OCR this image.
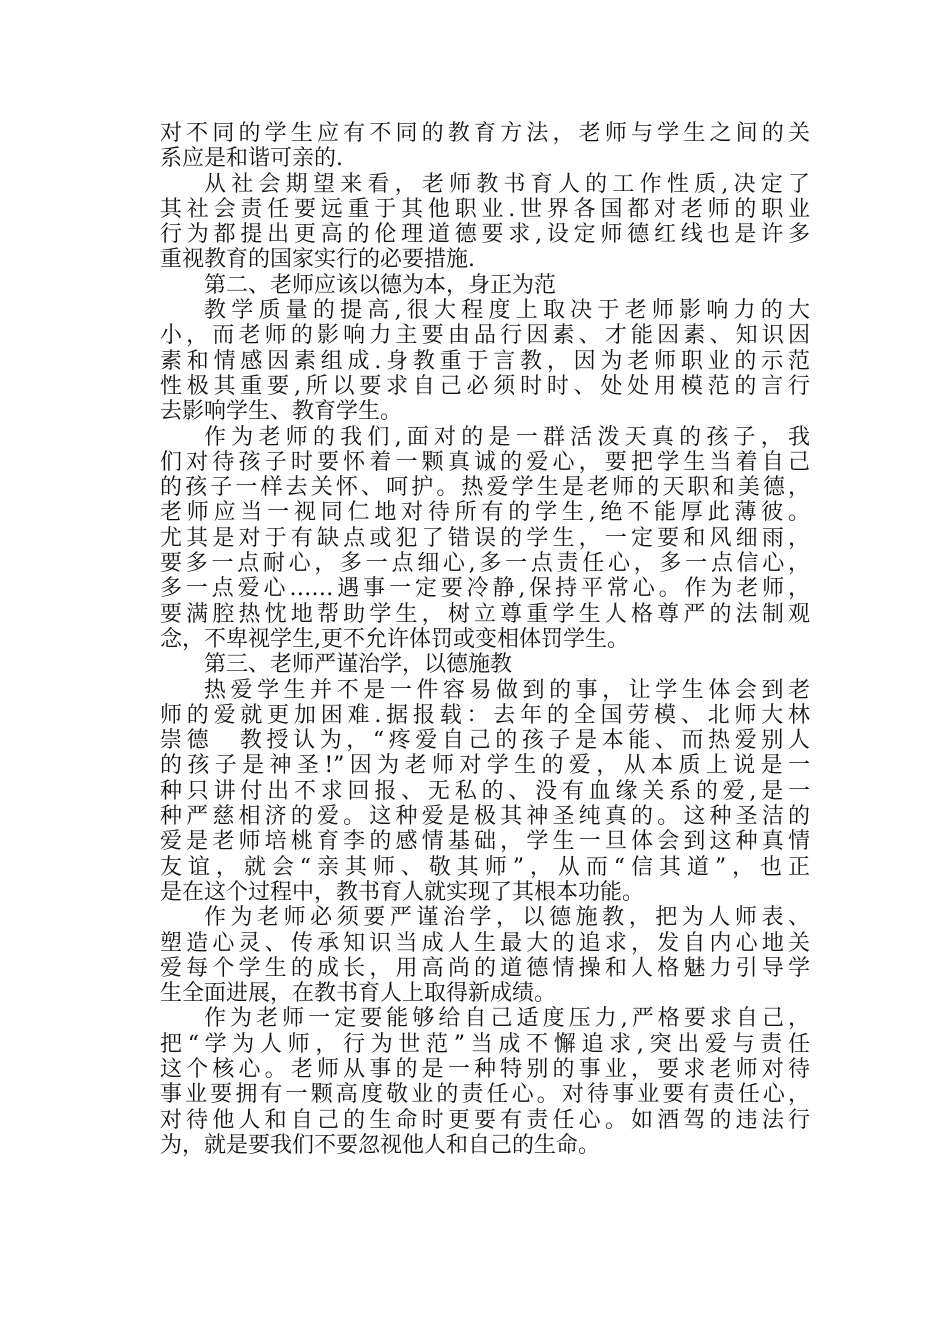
对不同的学生应有不同的教育方法，老师与学生之间的关
系应是和谐可亲的.
从社会期望来看，老师教书育人的工作性质,决定了
其社会责任要远重于其他职业.世界各国都对老师的职业
行为都提出更高的伦理道德要求,设定师德红线也是许多
重视教育的国家实行的必要措施.
第二、老师应该以德为本，身正为范
教学质量的提高,很大程度上取决于老师影响力的大
小，而老师的影响力主要由品行因素、才能因素、知识因
素和情感因素组成.身教重于言教，因为老师职业的示范
性极其重要,所以要求自己必须时时、处处用模范的言行
去影响学生、教育学生。
作为老师的我们,面对的是一群活泼天真的孩子，我
们对待孩子时要怀着一颗真诚的爱心，要把学生当着自己
的孩子一样去关怀、呵护。热爱学生是老师的天职和美德，
老师应当一视同仁地对待所有的学生,绝不能厚此薄彼。
尤其是对于有缺点或犯了错误的学生，一定要和风细雨，
要多一点耐心，多一点细心,多一点责任心，多一点信心，
多一点爱心……遇事一定要冷静,保持平常心。作为老师，
要满腔热忱地帮助学生，树立尊重学生人格尊严的法制观
念，不卑视学生,更不允许体罚或变相体罚学生。
第三、老师严谨治学，以德施教
热爱学生并不是一件容易做到的事，让学生体会到老
师的爱就更加困难.据报载：去年的全国劳模、北师大林
崇德　教授认为，“疼爱自己的孩子是本能、而热爱别人
的孩子是神圣!”因为老师对学生的爱，从本质上说是一
种只讲付出不求回报、无私的、没有血缘关系的爱,是一
种严慈相济的爱。这种爱是极其神圣纯真的。这种圣洁的
爱是老师培桃育李的感情基础，学生一旦体会到这种真情
友谊，就会“亲其师、敬其师”，从而“信其道”，也正
是在这个过程中，教书育人就实现了其根本功能。
作为老师必须要严谨治学，以德施教，把为人师表、
塑造心灵、传承知识当成人生最大的追求，发自内心地关
爱每个学生的成长，用高尚的道德情操和人格魅力引导学
生全面进展，在教书育人上取得新成绩。
作为老师一定要能够给自己适度压力,严格要求自己，
把“学为人师，行为世范”当成不懈追求,突出爱与责任
这个核心。老师从事的是一种特别的事业，要求老师对待
事业要拥有一颗高度敬业的责任心。对待事业要有责任心，
对待他人和自己的生命时更要有责任心。如酒驾的违法行
为，就是要我们不要忽视他人和自己的生命。
